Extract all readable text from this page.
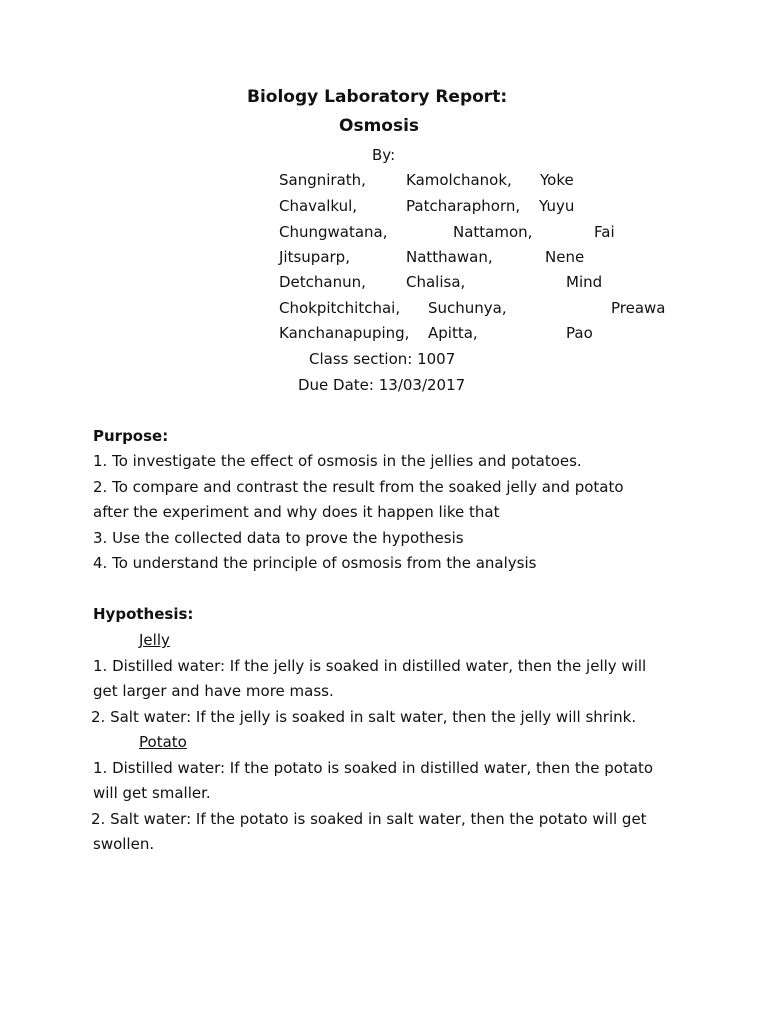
Biology Laboratory Report:
Osmosis
By:
Sangnirath,	Kamolchanok, Yoke
Chavalkul,	Patcharaphorn, Yuyu
Chungwatana,	Nattamon,	Fai
Jitsuparp,	Natthawan,	Nene
Detchanun,	Chalisa,	Mind
Chokpitchitchai, Suchunya,	Preawa
Kanchanapuping, Apitta,	Pao
Class section: 1007
Due Date: 13/03/2017
Purpose:
1. To investigate the effect of osmosis in the jellies and potatoes.
2. To compare and contrast the result from the soaked jelly and potato
after the experiment and why does it happen like that
3. Use the collected data to prove the hypothesis
4. To understand the principle of osmosis from the analysis
Hypothesis:
Jelly
1. Distilled water: If the jelly is soaked in distilled water, then the jelly will
get larger and have more mass.
2. Salt water: If the jelly is soaked in salt water, then the jelly will shrink.
Potato
1. Distilled water: If the potato is soaked in distilled water, then the potato
will get smaller.
2. Salt water: If the potato is soaked in salt water, then the potato will get
swollen.
